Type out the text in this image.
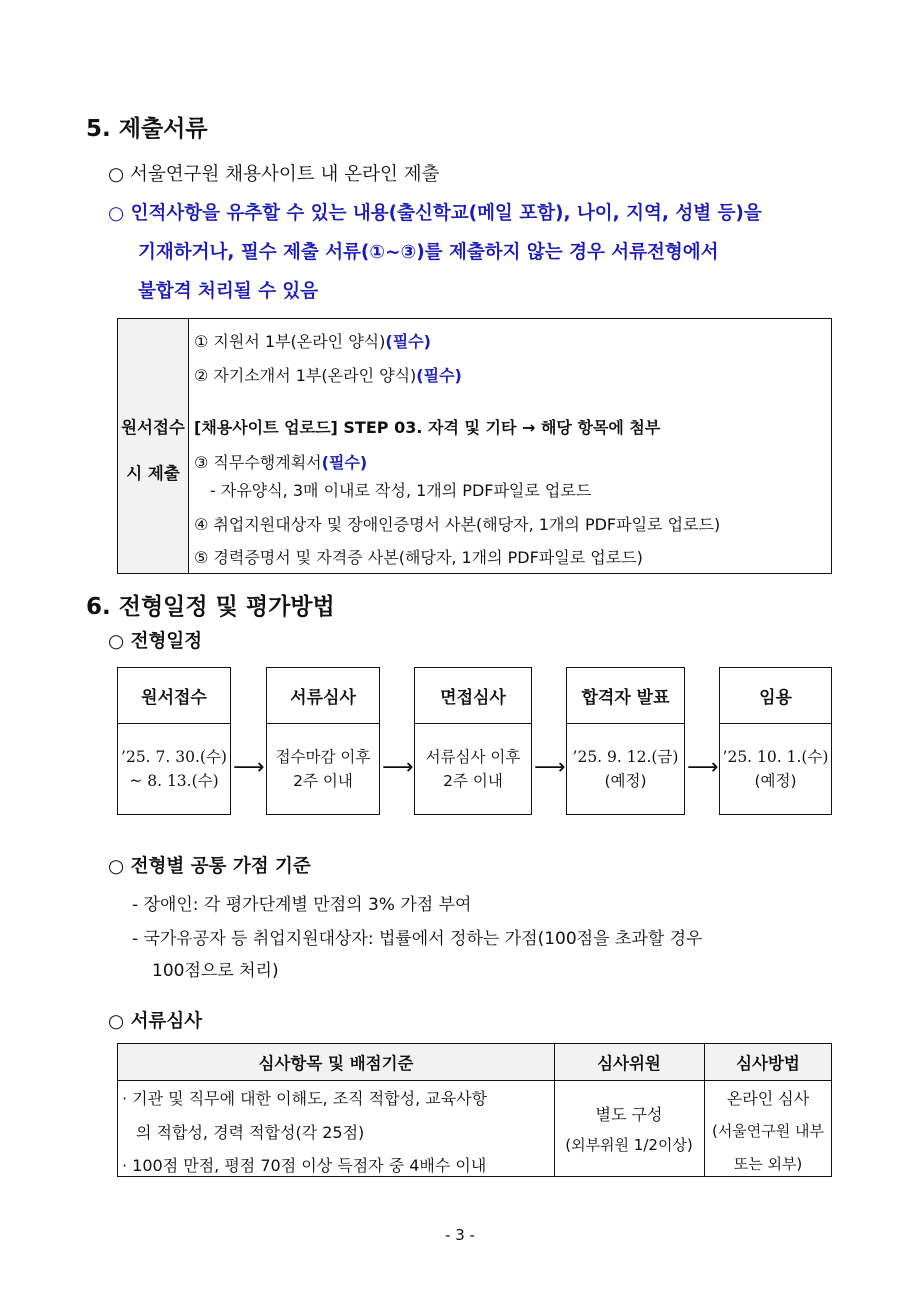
5. 제출서류
○ 서울연구원 채용사이트 내 온라인 제출
○ 인적사항을 유추할 수 있는 내용(출신학교(메일 포함), 나이, 지역, 성별 등)을
기재하거나, 필수 제출 서류(①~③)를 제출하지 않는 경우 서류전형에서
불합격 처리될 수 있음
원서접수
시 제출
① 지원서 1부(온라인 양식)(필수)
② 자기소개서 1부(온라인 양식)(필수)
[채용사이트 업로드] STEP 03. 자격 및 기타 → 해당 항목에 첨부
③ 직무수행계획서(필수)
- 자유양식, 3매 이내로 작성, 1개의 PDF파일로 업로드
④ 취업지원대상자 및 장애인증명서 사본(해당자, 1개의 PDF파일로 업로드)
⑤ 경력증명서 및 자격증 사본(해당자, 1개의 PDF파일로 업로드)
6. 전형일정 및 평가방법
○ 전형일정
원서접수
’25. 7. 30.(수)
~ 8. 13.(수)
⟶
서류심사
접수마감 이후
2주 이내
⟶
면접심사
서류심사 이후
2주 이내
⟶
합격자 발표
’25. 9. 12.(금)
(예정)
⟶
임용
’25. 10. 1.(수)
(예정)
○ 전형별 공통 가점 기준
- 장애인: 각 평가단계별 만점의 3% 가점 부여
- 국가유공자 등 취업지원대상자: 법률에서 정하는 가점(100점을 초과할 경우
100점으로 처리)
○ 서류심사
심사항목 및 배점기준	심사위원	심사방법
· 기관 및 직무에 대한 이해도, 조직 적합성, 교육사항
의 적합성, 경력 적합성(각 25점)
· 100점 만점, 평점 70점 이상 득점자 중 4배수 이내
별도 구성
(외부위원 1/2이상)
온라인 심사
(서울연구원 내부
또는 외부)
- 3 -
